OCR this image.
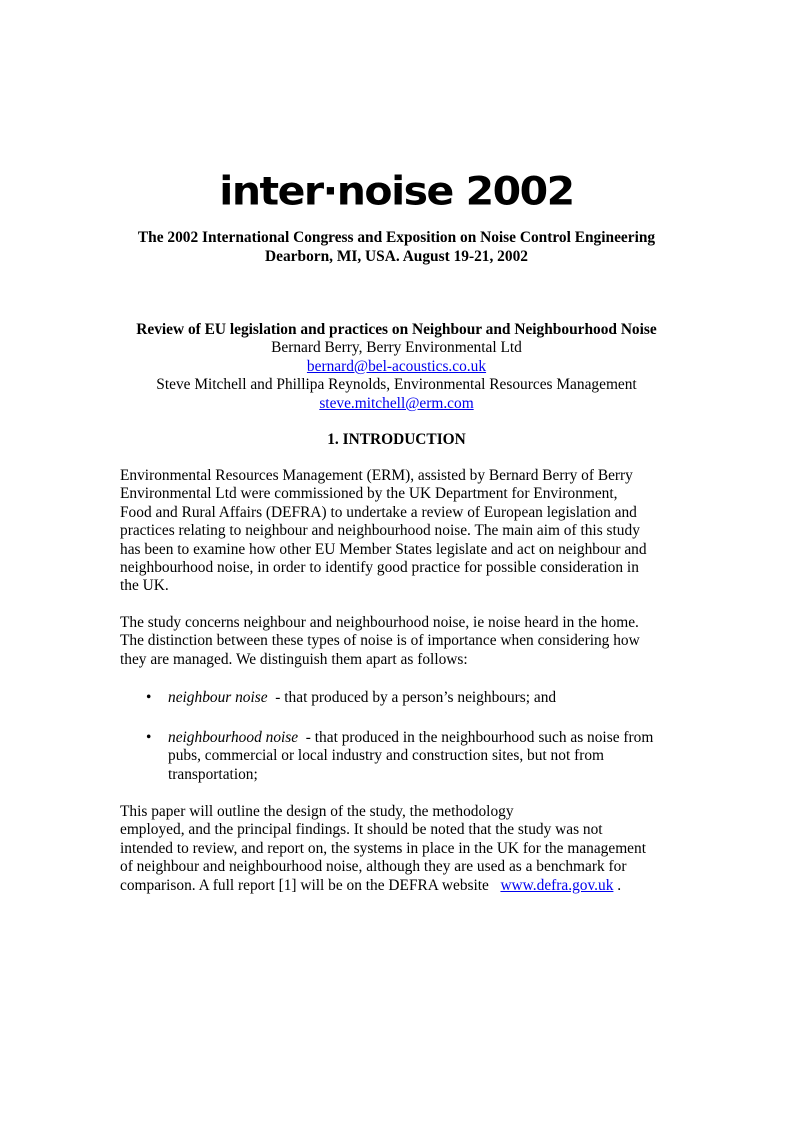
inter·noise 2002
The 2002 International Congress and Exposition on Noise Control Engineering
Dearborn, MI, USA. August 19-21, 2002
Review of EU legislation and practices on Neighbour and Neighbourhood Noise
Bernard Berry, Berry Environmental Ltd
bernard@bel-acoustics.co.uk
Steve Mitchell and Phillipa Reynolds, Environmental Resources Management
steve.mitchell@erm.com
1. INTRODUCTION
Environmental Resources Management (ERM), assisted by Bernard Berry of Berry
Environmental Ltd were commissioned by the UK Department for Environment,
Food and Rural Affairs (DEFRA) to undertake a review of European legislation and
practices relating to neighbour and neighbourhood noise. The main aim of this study
has been to examine how other EU Member States legislate and act on neighbour and
neighbourhood noise, in order to identify good practice for possible consideration in
the UK.
The study concerns neighbour and neighbourhood noise, ie noise heard in the home.
The distinction between these types of noise is of importance when considering how
they are managed. We distinguish them apart as follows:
• neighbour noise  - that produced by a person’s neighbours; and
• neighbourhood noise  - that produced in the neighbourhood such as noise from
pubs, commercial or local industry and construction sites, but not from
transportation;
This paper will outline the design of the study, the methodology
employed, and the principal findings. It should be noted that the study was not
intended to review, and report on, the systems in place in the UK for the management
of neighbour and neighbourhood noise, although they are used as a benchmark for
comparison. A full report [1] will be on the DEFRA website   www.defra.gov.uk .
